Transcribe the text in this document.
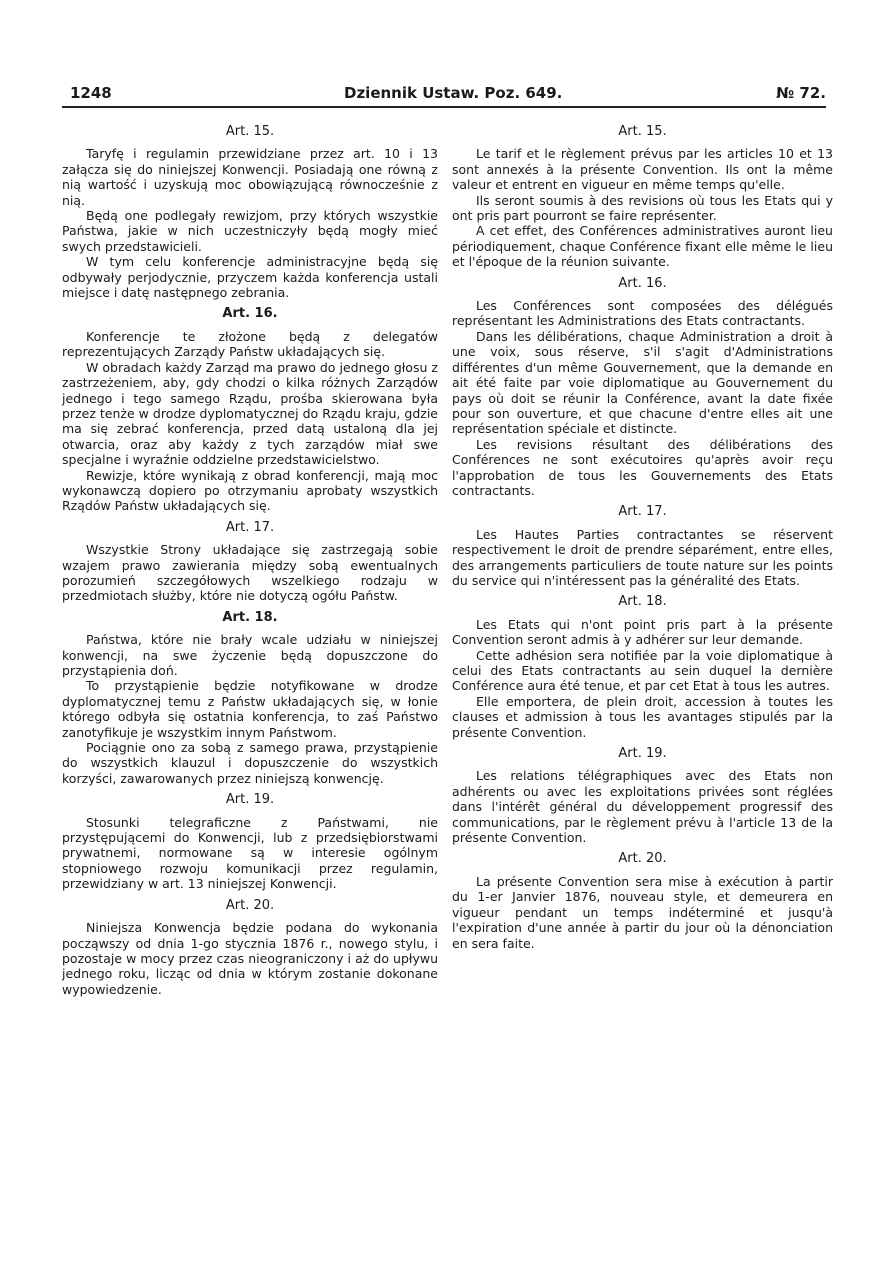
1248	Dziennik Ustaw. Poz. 649.	№ 72.
Art. 15.

Taryfę i regulamin przewidziane przez art. 10 i 13 załącza się do niniejszej Konwencji. Posiadają one równą z nią wartość i uzyskują moc obowiązującą równocześnie z nią.

Będą one podlegały rewizjom, przy których wszystkie Państwa, jakie w nich uczestniczyły będą mogły mieć swych przedstawicieli.

W tym celu konferencje administracyjne będą się odbywały perjodycznie, przyczem każda konferencja ustali miejsce i datę następnego zebrania.

Art. 16.

Konferencje te złożone będą z delegatów reprezentujących Zarządy Państw układających się.

W obradach każdy Zarząd ma prawo do jednego głosu z zastrzeżeniem, aby, gdy chodzi o kilka różnych Zarządów jednego i tego samego Rządu, prośba skierowana była przez tenże w drodze dyplomatycznej do Rządu kraju, gdzie ma się zebrać konferencja, przed datą ustaloną dla jej otwarcia, oraz aby każdy z tych zarządów miał swe specjalne i wyraźnie oddzielne przedstawicielstwo.

Rewizje, które wynikają z obrad konferencji, mają moc wykonawczą dopiero po otrzymaniu aprobaty wszystkich Rządów Państw układających się.

Art. 17.

Wszystkie Strony układające się zastrzegają sobie wzajem prawo zawierania między sobą ewentualnych porozumień szczegółowych wszelkiego rodzaju w przedmiotach służby, które nie dotyczą ogółu Państw.

Art. 18.

Państwa, które nie brały wcale udziału w niniejszej konwencji, na swe życzenie będą dopuszczone do przystąpienia doń.

To przystąpienie będzie notyfikowane w drodze dyplomatycznej temu z Państw układających się, w łonie którego odbyła się ostatnia konferencja, to zaś Państwo zanotyfikuje je wszystkim innym Państwom.

Pociągnie ono za sobą z samego prawa, przystąpienie do wszystkich klauzul i dopuszczenie do wszystkich korzyści, zawarowanych przez niniejszą konwencję.

Art. 19.

Stosunki telegraficzne z Państwami, nie przystępującemi do Konwencji, lub z przedsiębiorstwami prywatnemi, normowane są w interesie ogólnym stopniowego rozwoju komunikacji przez regulamin, przewidziany w art. 13 niniejszej Konwencji.

Art. 20.

Niniejsza Konwencja będzie podana do wykonania począwszy od dnia 1-go stycznia 1876 r., nowego stylu, i pozostaje w mocy przez czas nieograniczony i aż do upływu jednego roku, licząc od dnia w którym zostanie dokonane wypowiedzenie.

Art. 15.

Le tarif et le règlement prévus par les articles 10 et 13 sont annexés à la présente Convention. Ils ont la même valeur et entrent en vigueur en même temps qu'elle.

Ils seront soumis à des revisions où tous les Etats qui y ont pris part pourront se faire représenter.

A cet effet, des Conférences administratives auront lieu périodiquement, chaque Conférence fixant elle même le lieu et l'époque de la réunion suivante.

Art. 16.

Les Conférences sont composées des délégués représentant les Administrations des Etats contractants.

Dans les délibérations, chaque Administration a droit à une voix, sous réserve, s'il s'agit d'Administrations différentes d'un même Gouvernement, que la demande en ait été faite par voie diplomatique au Gouvernement du pays où doit se réunir la Conférence, avant la date fixée pour son ouverture, et que chacune d'entre elles ait une représentation spéciale et distincte.

Les revisions résultant des délibérations des Conférences ne sont exécutoires qu'après avoir reçu l'approbation de tous les Gouvernements des Etats contractants.

Art. 17.

Les Hautes Parties contractantes se réservent respectivement le droit de prendre séparément, entre elles, des arrangements particuliers de toute nature sur les points du service qui n'intéressent pas la généralité des Etats.

Art. 18.

Les Etats qui n'ont point pris part à la présente Convention seront admis à y adhérer sur leur demande.

Cette adhésion sera notifiée par la voie diplomatique à celui des Etats contractants au sein duquel la dernière Conférence aura été tenue, et par cet Etat à tous les autres.

Elle emportera, de plein droit, accession à toutes les clauses et admission à tous les avantages stipulés par la présente Convention.

Art. 19.

Les relations télégraphiques avec des Etats non adhérents ou avec les exploitations privées sont réglées dans l'intérêt général du développement progressif des communications, par le règlement prévu à l'article 13 de la présente Convention.

Art. 20.

La présente Convention sera mise à exécution à partir du 1-er Janvier 1876, nouveau style, et demeurera en vigueur pendant un temps indéterminé et jusqu'à l'expiration d'une année à partir du jour où la dénonciation en sera faite.
